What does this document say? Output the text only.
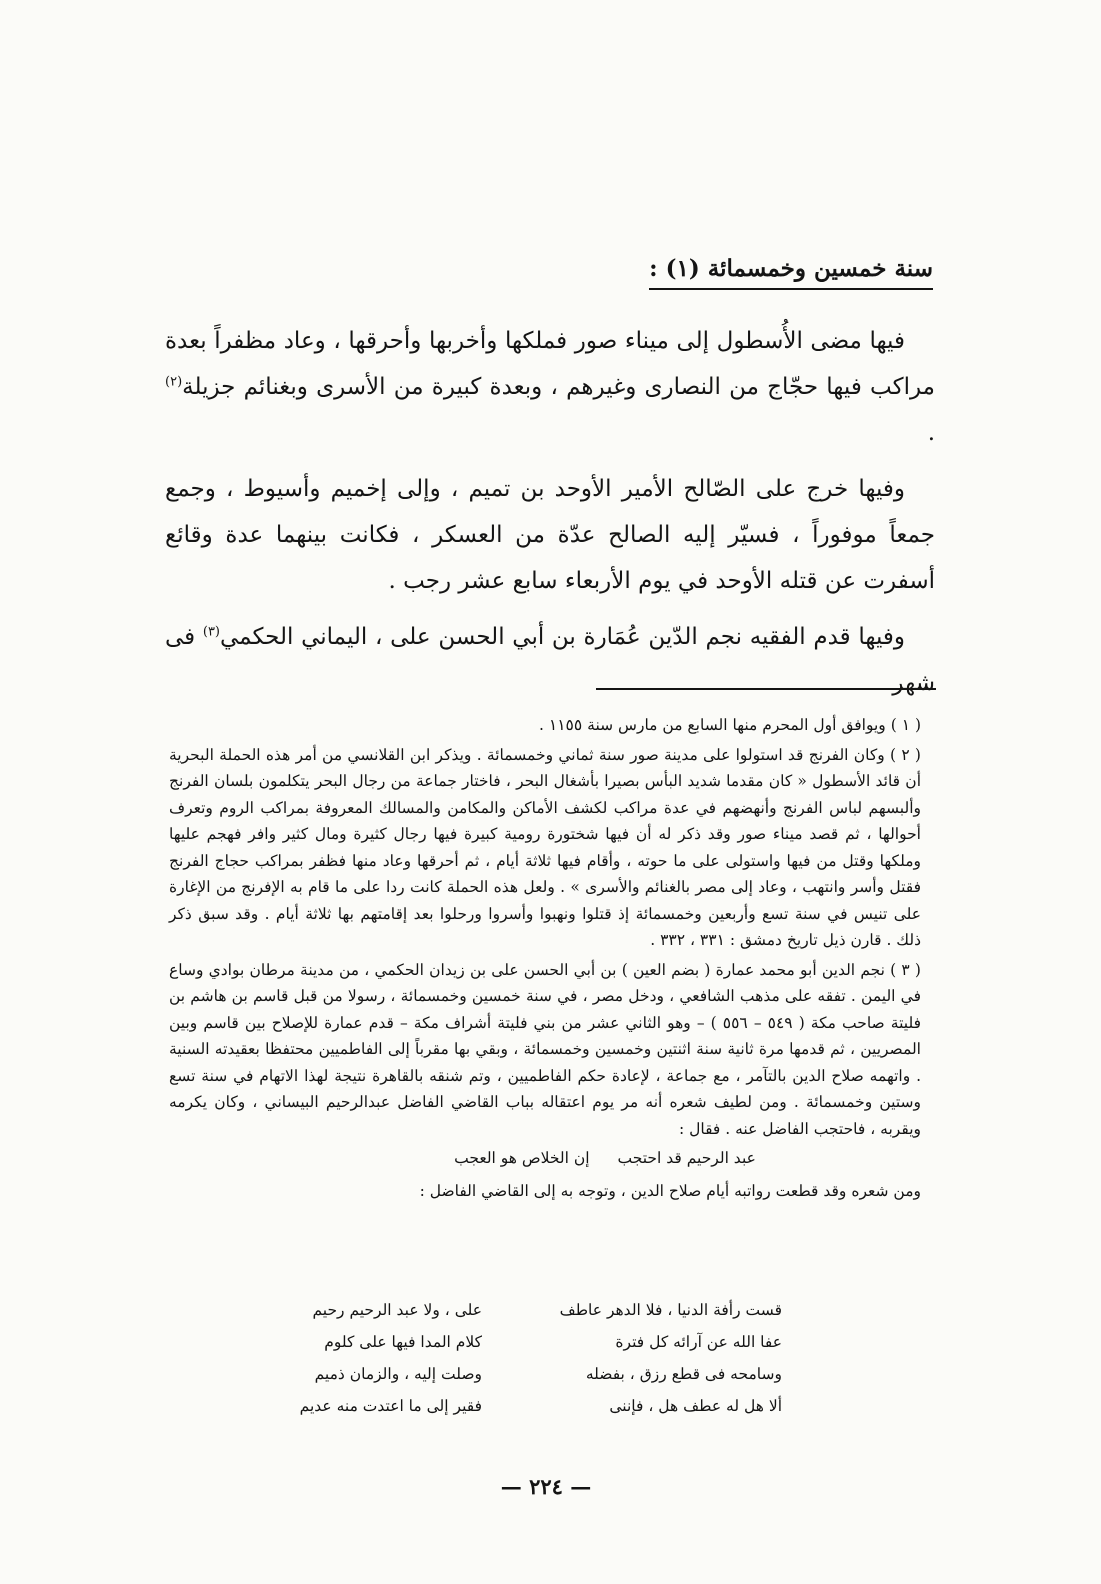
سنة خمسين وخمسمائة (١) :

فيها مضى الأُسطول إلى ميناء صور فملكها وأخربها وأحرقها ، وعاد مظفراً بعدة مراكب فيها حجّاج من النصارى وغيرهم ، وبعدة كبيرة من الأسرى وبغنائم جزيلة$^{(٢)}$ .

وفيها خرج على الصّالح الأمير الأوحد بن تميم ، وإلى إخميم وأسيوط ، وجمع جمعاً موفوراً ، فسيّر إليه الصالح عدّة من العسكر ، فكانت بينهما عدة وقائع أسفرت عن قتله الأوحد في يوم الأربعاء سابع عشر رجب .

وفيها قدم الفقيه نجم الدّين عُمَارة بن أبي الحسن على ، اليماني الحكمي$^{(٣)}$ فى شهر

( ١ ) ويوافق أول المحرم منها السابع من مارس سنة ١١٥٥ .

( ٢ ) وكان الفرنج قد استولوا على مدينة صور سنة ثماني وخمسمائة . ويذكر ابن القلانسي من أمر هذه الحملة البحرية أن قائد الأسطول « كان مقدما شديد البأس بصيرا بأشغال البحر ، فاختار جماعة من رجال البحر يتكلمون بلسان الفرنج وألبسهم لباس الفرنج وأنهضهم في عدة مراكب لكشف الأماكن والمكامن والمسالك المعروفة بمراكب الروم وتعرف أحوالها ، ثم قصد ميناء صور وقد ذكر له أن فيها شختورة رومية كبيرة فيها رجال كثيرة ومال كثير وافر فهجم عليها وملكها وقتل من فيها واستولى على ما حوته ، وأقام فيها ثلاثة أيام ، ثم أحرقها وعاد منها فظفر بمراكب حجاج الفرنج فقتل وأسر وانتهب ، وعاد إلى مصر بالغنائم والأسرى » . ولعل هذه الحملة كانت ردا على ما قام به الإفرنج من الإغارة على تنيس في سنة تسع وأربعين وخمسمائة إذ قتلوا ونهبوا وأسروا ورحلوا بعد إقامتهم بها ثلاثة أيام . وقد سبق ذكر ذلك . قارن ذيل تاريخ دمشق : ٣٣١ ، ٣٣٢ .

( ٣ ) نجم الدين أبو محمد عمارة ( بضم العين ) بن أبي الحسن على بن زيدان الحكمي ، من مدينة مرطان بوادي وساع في اليمن . تفقه على مذهب الشافعي ، ودخل مصر ، في سنة خمسين وخمسمائة ، رسولا من قبل قاسم بن هاشم بن فليتة صاحب مكة ( ٥٤٩ – ٥٥٦ ) – وهو الثاني عشر من بني فليتة أشراف مكة – قدم عمارة للإصلاح بين قاسم وبين المصريين ، ثم قدمها مرة ثانية سنة اثنتين وخمسين وخمسمائة ، وبقي بها مقرباً إلى الفاطميين محتفظا بعقيدته السنية . واتهمه صلاح الدين بالتآمر ، مع جماعة ، لإعادة حكم الفاطميين ، وتم شنقه بالقاهرة نتيجة لهذا الاتهام في سنة تسع وستين وخمسمائة . ومن لطيف شعره أنه مر يوم اعتقاله بباب القاضي الفاضل عبدالرحيم البيساني ، وكان يكرمه ويقربه ، فاحتجب الفاضل عنه . فقال :

عبد الرحيم قد احتجب
إن الخلاص هو العجب

ومن شعره وقد قطعت رواتبه أيام صلاح الدين ، وتوجه به إلى القاضي الفاضل :

قست رأفة الدنيا ، فلا الدهر عاطف
على ، ولا عبد الرحيم رحيم
عفا الله عن آرائه كل فترة
كلام المدا فيها على كلوم
وسامحه فى قطع رزق ، بفضله
وصلت إليه ، والزمان ذميم
ألا هل له عطف هل ، فإننى
فقير إلى ما اعتدت منه عديم
— ٢٢٤ —
